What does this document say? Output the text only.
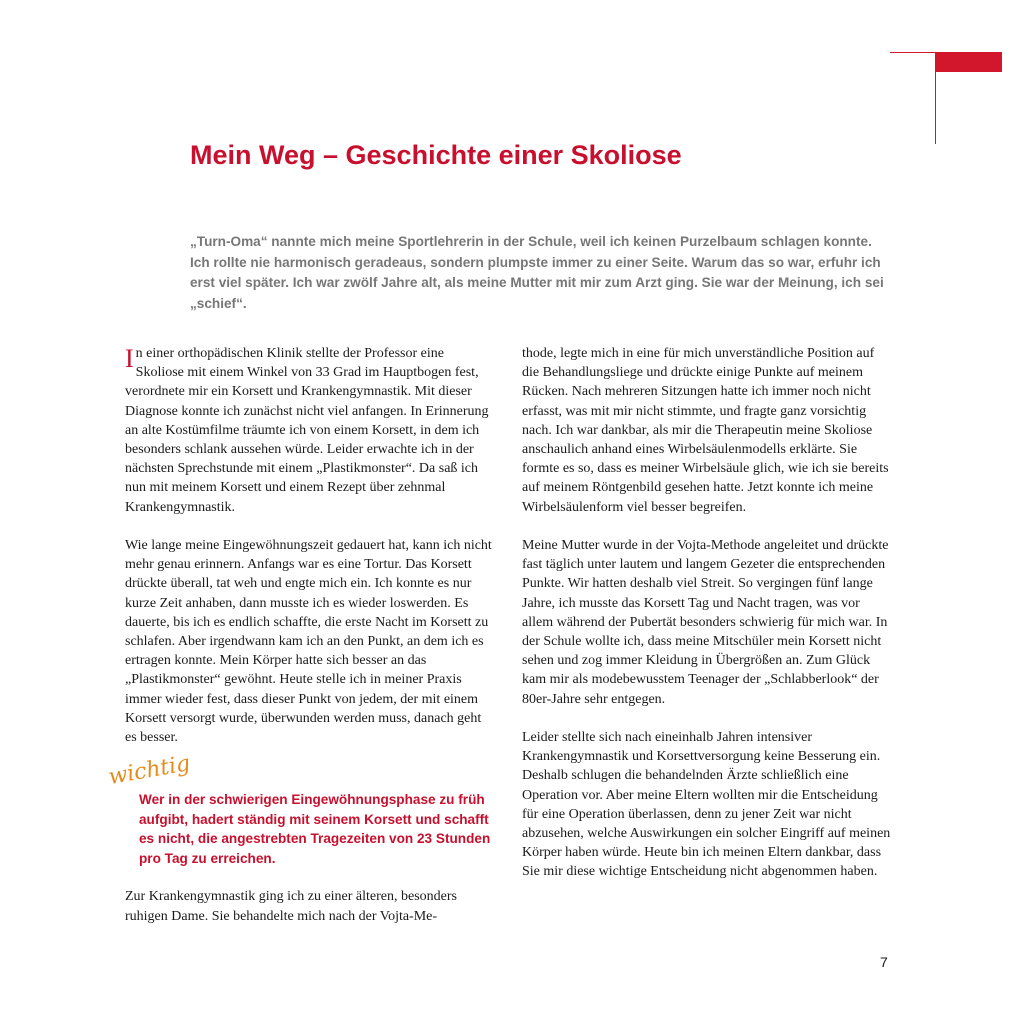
Mein Weg – Geschichte einer Skoliose

„Turn-Oma“ nannte mich meine Sportlehrerin in der Schule, weil ich keinen Purzelbaum schlagen konnte. Ich rollte nie harmonisch geradeaus, sondern plumpste immer zu einer Seite. Warum das so war, erfuhr ich erst viel später. Ich war zwölf Jahre alt, als meine Mutter mit mir zum Arzt ging. Sie war der Meinung, ich sei „schief“.

In einer orthopädischen Klinik stellte der Professor eine Skoliose mit einem Winkel von 33 Grad im Hauptbogen fest, verordnete mir ein Korsett und Krankengymnastik. Mit dieser Diagnose konnte ich zunächst nicht viel anfangen. In Erinnerung an alte Kostümfilme träumte ich von einem Korsett, in dem ich besonders schlank aussehen würde. Leider erwachte ich in der nächsten Sprechstunde mit einem „Plastikmonster“. Da saß ich nun mit meinem Korsett und einem Rezept über zehnmal Krankengymnastik.

Wie lange meine Eingewöhnungszeit gedauert hat, kann ich nicht mehr genau erinnern. Anfangs war es eine Tortur. Das Korsett drückte überall, tat weh und engte mich ein. Ich konnte es nur kurze Zeit anhaben, dann musste ich es wieder loswerden. Es dauerte, bis ich es endlich schaffte, die erste Nacht im Korsett zu schlafen. Aber irgendwann kam ich an den Punkt, an dem ich es ertragen konnte. Mein Körper hatte sich besser an das „Plastikmonster“ gewöhnt. Heute stelle ich in meiner Praxis immer wieder fest, dass dieser Punkt von jedem, der mit einem Korsett versorgt wurde, überwunden werden muss, danach geht es besser.

wichtig

Wer in der schwierigen Eingewöhnungsphase zu früh aufgibt, hadert ständig mit seinem Korsett und schafft es nicht, die angestrebten Tragezeiten von 23 Stunden pro Tag zu erreichen.

Zur Krankengymnastik ging ich zu einer älteren, besonders ruhigen Dame. Sie behandelte mich nach der Vojta-Me-

thode, legte mich in eine für mich unverständliche Position auf die Behandlungsliege und drückte einige Punkte auf meinem Rücken. Nach mehreren Sitzungen hatte ich immer noch nicht erfasst, was mit mir nicht stimmte, und fragte ganz vorsichtig nach. Ich war dankbar, als mir die Therapeutin meine Skoliose anschaulich anhand eines Wirbelsäulenmodells erklärte. Sie formte es so, dass es meiner Wirbelsäule glich, wie ich sie bereits auf meinem Röntgenbild gesehen hatte. Jetzt konnte ich meine Wirbelsäulenform viel besser begreifen.

Meine Mutter wurde in der Vojta-Methode angeleitet und drückte fast täglich unter lautem und langem Gezeter die entsprechenden Punkte. Wir hatten deshalb viel Streit. So vergingen fünf lange Jahre, ich musste das Korsett Tag und Nacht tragen, was vor allem während der Pubertät besonders schwierig für mich war. In der Schule wollte ich, dass meine Mitschüler mein Korsett nicht sehen und zog immer Kleidung in Übergrößen an. Zum Glück kam mir als modebewusstem Teenager der „Schlabberlook“ der 80er-Jahre sehr entgegen.

Leider stellte sich nach eineinhalb Jahren intensiver Krankengymnastik und Korsettversorgung keine Besserung ein. Deshalb schlugen die behandelnden Ärzte schließlich eine Operation vor. Aber meine Eltern wollten mir die Entscheidung für eine Operation überlassen, denn zu jener Zeit war nicht abzusehen, welche Auswirkungen ein solcher Eingriff auf meinen Körper haben würde. Heute bin ich meinen Eltern dankbar, dass Sie mir diese wichtige Entscheidung nicht abgenommen haben.

7
